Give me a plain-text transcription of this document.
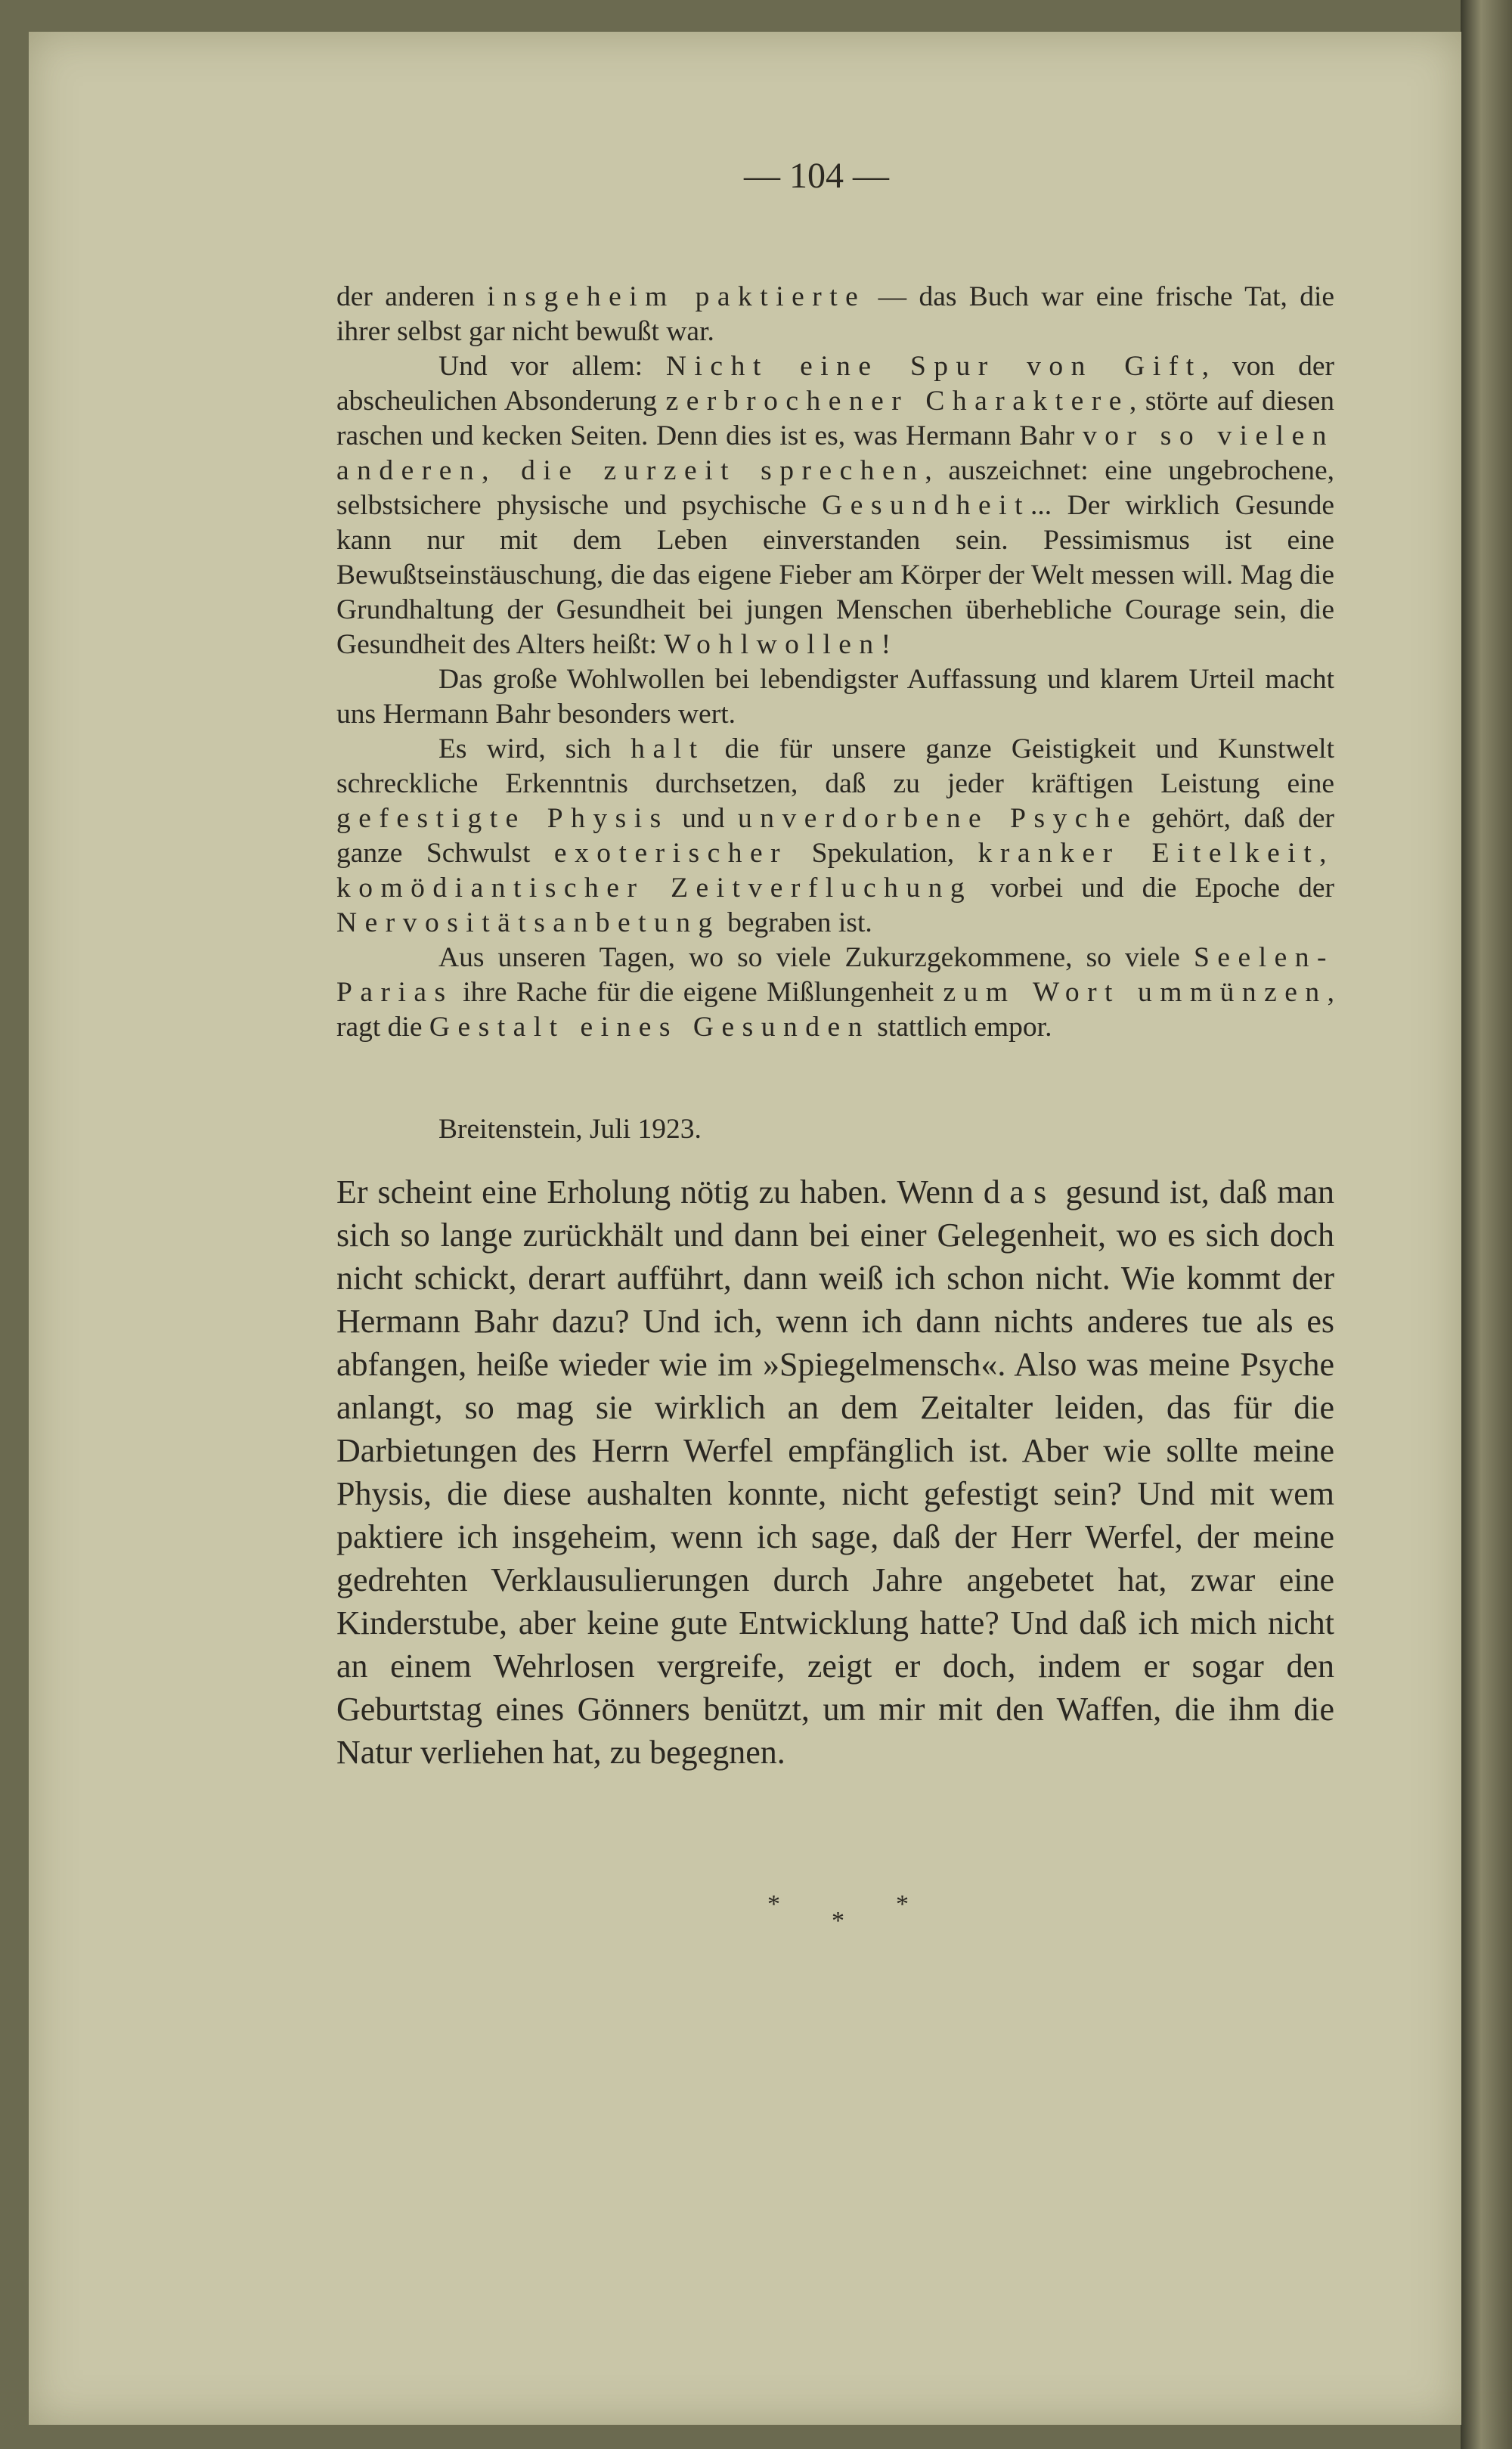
— 104 —

der anderen insgeheim paktierte — das Buch war eine frische Tat, die ihrer selbst gar nicht bewußt war.

Und vor allem: Nicht eine Spur von Gift, von der abscheulichen Absonderung zerbrochener Charaktere, störte auf diesen raschen und kecken Seiten. Denn dies ist es, was Hermann Bahr vor so vielen anderen, die zurzeit sprechen, auszeichnet: eine ungebrochene, selbstsichere physische und psychische Gesundheit... Der wirklich Gesunde kann nur mit dem Leben einverstanden sein. Pessimismus ist eine Bewußtseinstäuschung, die das eigene Fieber am Körper der Welt messen will. Mag die Grundhaltung der Gesundheit bei jungen Menschen überhebliche Courage sein, die Gesundheit des Alters heißt: Wohlwollen!

Das große Wohlwollen bei lebendigster Auffassung und klarem Urteil macht uns Hermann Bahr besonders wert.

Es wird, sich halt die für unsere ganze Geistigkeit und Kunstwelt schreckliche Erkenntnis durchsetzen, daß zu jeder kräftigen Leistung eine gefestigte Physis und unverdorbene Psyche gehört, daß der ganze Schwulst exoterischer Spekulation, kranker Eitelkeit, komödiantischer Zeitverfluchung vorbei und die Epoche der Nervositätsanbetung begraben ist.

Aus unseren Tagen, wo so viele Zukurzgekommene, so viele Seelen-Parias ihre Rache für die eigene Mißlungenheit zum Wort ummünzen, ragt die Gestalt eines Gesunden stattlich empor.

Breitenstein, Juli 1923.

Er scheint eine Erholung nötig zu haben. Wenn das gesund ist, daß man sich so lange zurückhält und dann bei einer Gelegenheit, wo es sich doch nicht schickt, derart aufführt, dann weiß ich schon nicht. Wie kommt der Hermann Bahr dazu? Und ich, wenn ich dann nichts anderes tue als es abfangen, heiße wieder wie im »Spiegelmensch«. Also was meine Psyche anlangt, so mag sie wirklich an dem Zeitalter leiden, das für die Darbietungen des Herrn Werfel empfänglich ist. Aber wie sollte meine Physis, die diese aushalten konnte, nicht gefestigt sein? Und mit wem paktiere ich insgeheim, wenn ich sage, daß der Herr Werfel, der meine gedrehten Verklausulierungen durch Jahre angebetet hat, zwar eine Kinderstube, aber keine gute Entwicklung hatte? Und daß ich mich nicht an einem Wehrlosen vergreife, zeigt er doch, indem er sogar den Geburtstag eines Gönners benützt, um mir mit den Waffen, die ihm die Natur verliehen hat, zu begegnen.

*
*
*
